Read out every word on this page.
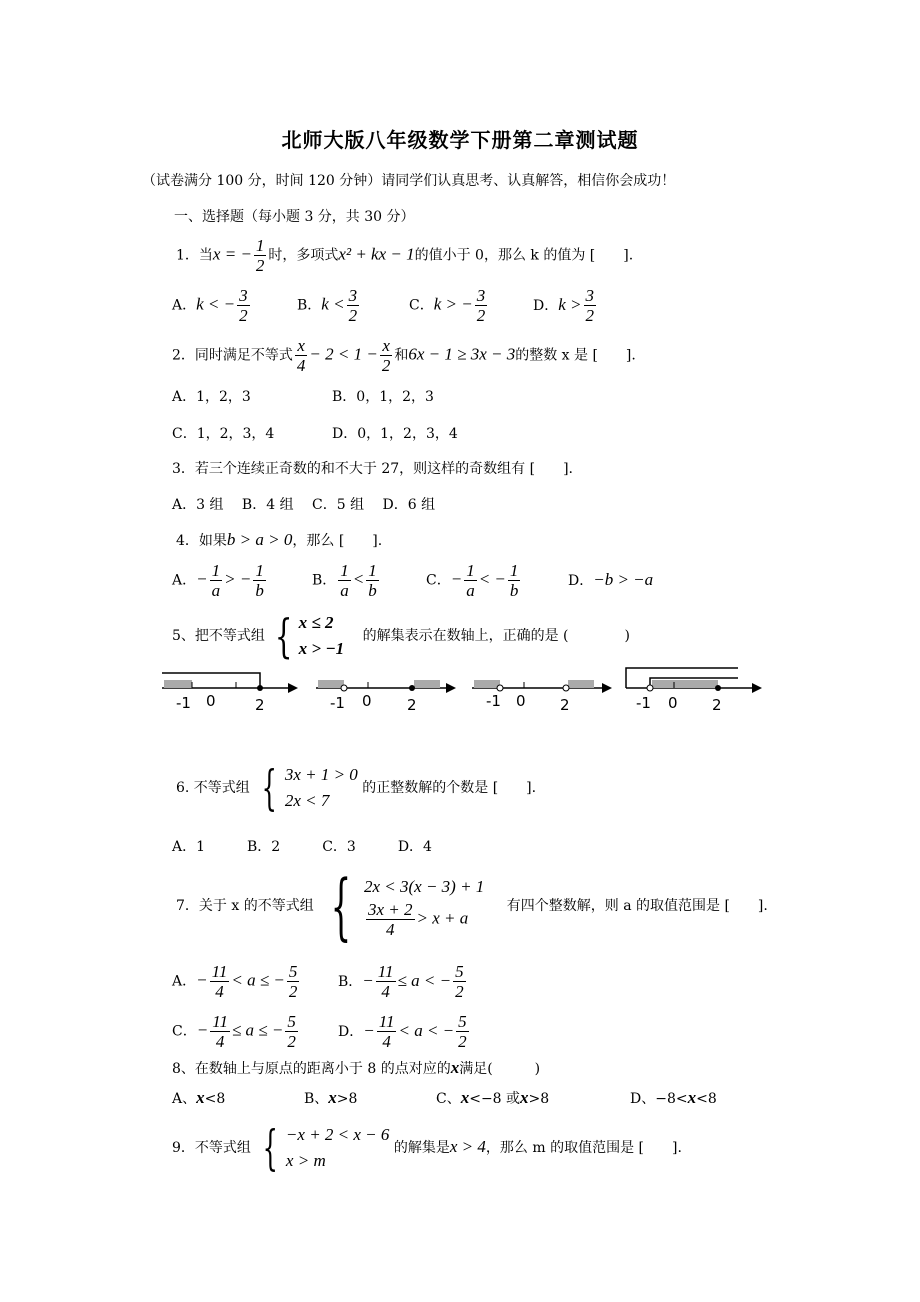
北师大版八年级数学下册第二章测试题
（试卷满分 100 分，时间 120 分钟）请同学们认真思考、认真解答，相信你会成功！
一、选择题（每小题 3 分，共 30 分）
1．当x = − $\frac{1}{2}$ 时，多项式x² + kx − 1的值小于 0，那么 k 的值为 [　　].
A．k < − $\frac{3}{2}$	B．$k < \frac{3}{2}$	C．k > − $\frac{3}{2}$	D．$k > \frac{3}{2}$
2．同时满足不等式 $\frac{x}{4} - 2 < 1 - \frac{x}{2}$ 和6x − 1 ≥ 3x − 3的整数 x 是 [　　].
A．1，2，3	B．0，1，2，3
C．1，2，3，4	D．0，1，2，3，4
3．若三个连续正奇数的和不大于 27，则这样的奇数组有 [　　].
A．3 组　 B．4 组　 C．5 组　 D．6 组
4．如果b > a > 0，那么 [　　].
A．− $\frac{1}{a}$ > − $\frac{1}{b}$	B． $\frac{1}{a} < \frac{1}{b}$	C．− $\frac{1}{a}$ < − $\frac{1}{b}$	D．−b > −a
5、把不等式组 { x ≤ 2
x > −1
的解集表示在数轴上，正确的是 (　　　　)
-1 0	2	-1 0 2	-1 0 2	-1 0 2
6. 不等式组 { 3x + 1 > 0
2x < 7
的正整数解的个数是 [　　].
A．1　　　B．2　　　C．3　　　D．4
7．关于 x 的不等式组 { 2x < 3(x − 3) + 1
$\frac{3x + 2}{4} > x + a$
有四个整数解，则 a 的取值范围是 [　　].
A．− $\frac{11}{4} < a$ ≤ − $\frac{5}{2}$	B．− $\frac{11}{4} \le a$ < − $\frac{5}{2}$
C．− $\frac{11}{4} \le a$ ≤ − $\frac{5}{2}$	D．− $\frac{11}{4} < a$ < − $\frac{5}{2}$
8、在数轴上与原点的距离小于 8 的点对应的x满足(　　　)
A、x<8	B、x>8	C、x<−8 或x>8	D、−8<x<8
9．不等式组 { −x + 2 < x − 6
x > m
的解集是x > 4，那么 m 的取值范围是 [　　].
